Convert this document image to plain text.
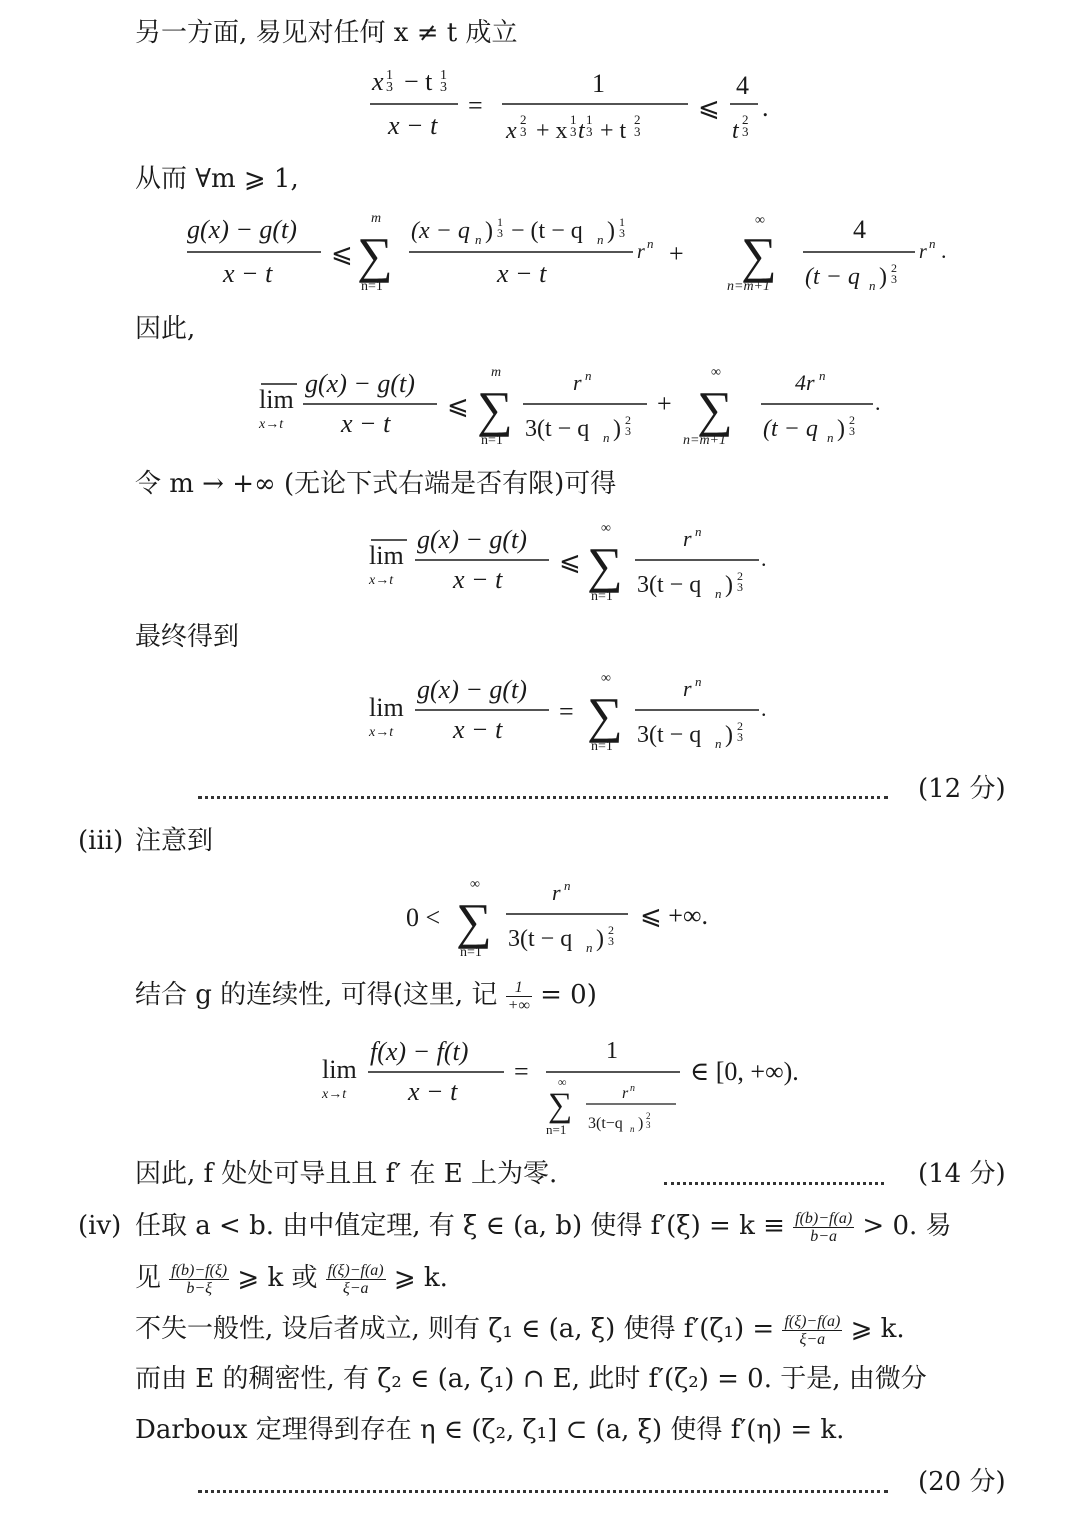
另一方面, 易见对任何 x ≠ t 成立
x 1
3 − t 1
3
x − t
=
1
x 2
3 + x 1
3 t 1
3 + t 2
3
⩽
4
t 2
3
.
从而 ∀m ⩾ 1,
g(x) − g(t)
x − t
⩽
m
∑
n=1
(x − q n ) 1
3 − (t − q n ) 1
3
x − t
r n +
∞
∑
n=m+1
4
(t − q n ) 2
3
r n .
因此,
lim
x→t
g(x) − g(t)
x − t
⩽
m
∑
n=1
r n
3(t − q n ) 2
3
+
∞
∑
n=m+1
4r n
(t − q n ) 2
3
.
令 m → +∞ (无论下式右端是否有限)可得
lim
x→t
g(x) − g(t)
x − t
⩽
∞
∑
n=1
r n
3(t − q n ) 2
3
.
最终得到
lim
x→t
g(x) − g(t)
x − t
=
∞
∑
n=1
r n
3(t − q n ) 2
3
.
(12 分)
(iii) 注意到
0 <
∞
∑
n=1
r n
3(t − q n ) 2
3
⩽ +∞.
结合 g 的连续性, 可得(这里, 记 $\frac{1}{+\infty} = 0$)
lim
x→t
f(x) − f(t)
x − t
=
1
∞
∑
n=1
r n
3(t−q n ) 2
3
∈ [0, +∞).
因此, f 处处可导且且 f′ 在 E 上为零.	(14 分)
(iv) 任取 a < b. 由中值定理, 有 ξ ∈ (a, b) 使得 $f'(\xi) = k \equiv \frac{f(b)-f(a)}{b-a} > 0$. 易
见 $\frac{f(b)-f(\xi)}{b-\xi}$ ⩾ k 或 $\frac{f(\xi)-f(a)}{\xi-a}$ ⩾ k.
不失一般性, 设后者成立, 则有 ζ₁ ∈ (a, ξ) 使得 $f'(\zeta_1) = \frac{f(\xi)-f(a)}{\xi-a}$ ⩾ k.
而由 E 的稠密性, 有 ζ₂ ∈ (a, ζ₁) ∩ E, 此时 f′(ζ₂) = 0. 于是, 由微分
Darboux 定理得到存在 η ∈ (ζ₂, ζ₁] ⊂ (a, ξ) 使得 f′(η) = k.
(20 分)
